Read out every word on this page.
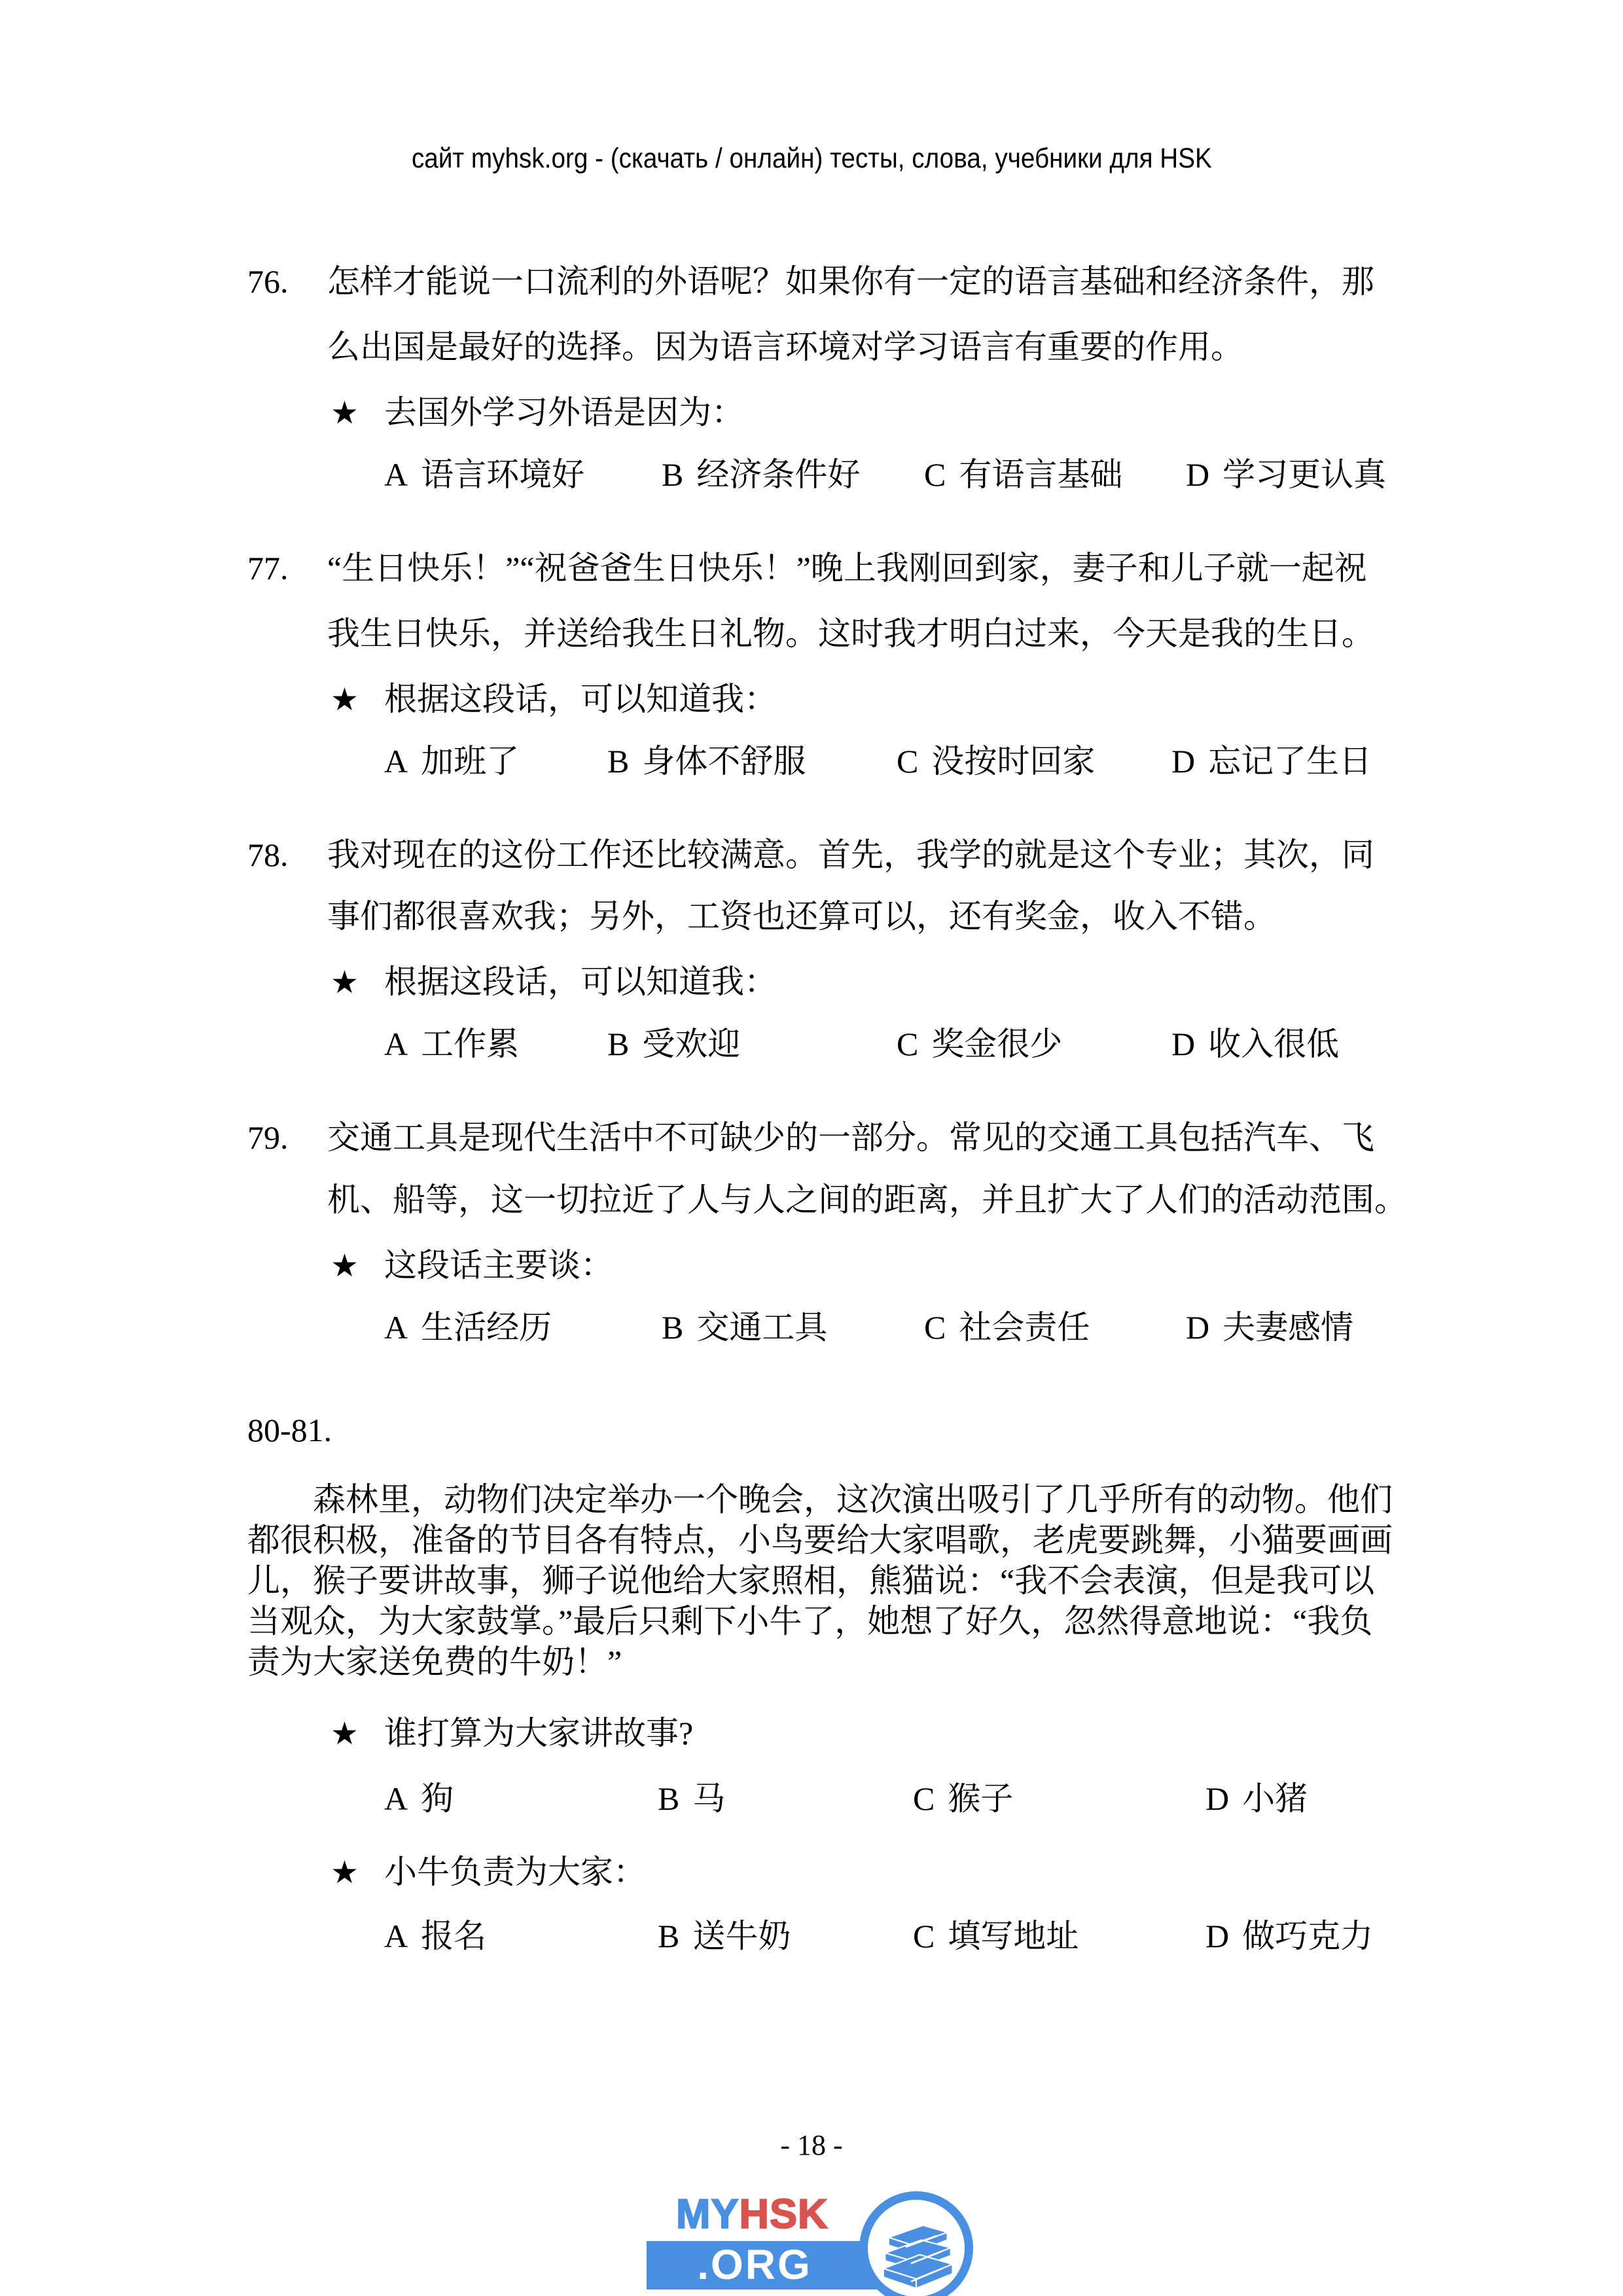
сайт myhsk.org - (скачать / онлайн) тесты, слова, учебники для HSK
76. 怎样才能说一口流利的外语呢？如果你有一定的语言基础和经济条件，那
么出国是最好的选择。因为语言环境对学习语言有重要的作用。
★ 去国外学习外语是因为：
A 语言环境好 B 经济条件好 C 有语言基础 D 学习更认真
77. “生日快乐！”“祝爸爸生日快乐！”晚上我刚回到家，妻子和儿子就一起祝
我生日快乐，并送给我生日礼物。这时我才明白过来，今天是我的生日。
★ 根据这段话，可以知道我：
A 加班了	B 身体不舒服	C 没按时回家 D 忘记了生日
78. 我对现在的这份工作还比较满意。首先，我学的就是这个专业；其次，同
事们都很喜欢我；另外，工资也还算可以，还有奖金，收入不错。
★ 根据这段话，可以知道我：
A 工作累	B 受欢迎	C 奖金很少	D 收入很低
79. 交通工具是现代生活中不可缺少的一部分。常见的交通工具包括汽车、飞
机、船等，这一切拉近了人与人之间的距离，并且扩大了人们的活动范围。
★ 这段话主要谈：
A 生活经历	B 交通工具	C 社会责任	D 夫妻感情
80-81.
森林里，动物们决定举办一个晚会，这次演出吸引了几乎所有的动物。他们
都很积极，准备的节目各有特点，小鸟要给大家唱歌，老虎要跳舞，小猫要画画
儿，猴子要讲故事，狮子说他给大家照相，熊猫说：“我不会表演，但是我可以
当观众，为大家鼓掌。”最后只剩下小牛了，她想了好久，忽然得意地说：“我负
责为大家送免费的牛奶！”
★ 谁打算为大家讲故事?
A 狗	B 马	C 猴子	D 小猪
★ 小牛负责为大家：
A 报名	B 送牛奶	C 填写地址	D 做巧克力
- 18 -
MYHSK
.ORG
